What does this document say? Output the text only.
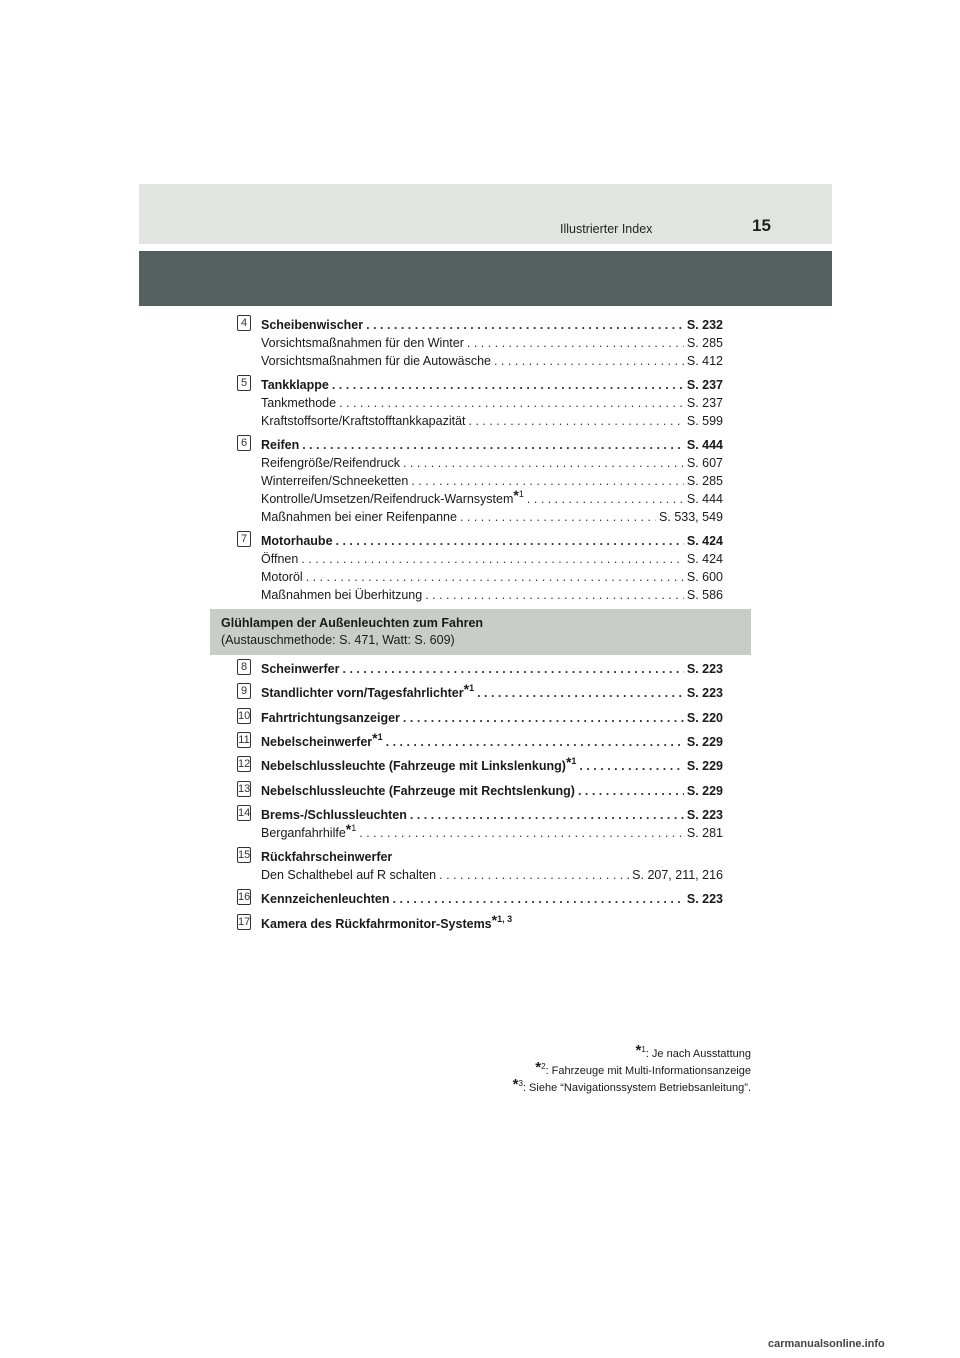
Illustrierter Index	15
4	Scheibenwischer . . .	S. 232
Vorsichtsmaßnahmen für den Winter . . .	S. 285
Vorsichtsmaßnahmen für die Autowäsche . . .	S. 412
5	Tankklappe . . .	S. 237
Tankmethode . . .	S. 237
Kraftstoffsorte/Kraftstofftankkapazität . . .	S. 599
6	Reifen . . .	S. 444
Reifengröße/Reifendruck . . .	S. 607
Winterreifen/Schneeketten . . .	S. 285
Kontrolle/Umsetzen/Reifendruck-Warnsystem$^{*^1}$ . . .	S. 444
Maßnahmen bei einer Reifenpanne . . .	S. 533, 549
7	Motorhaube . . .	S. 424
Öffnen . . .	S. 424
Motoröl . . .	S. 600
Maßnahmen bei Überhitzung . . .	S. 586
Glühlampen der Außenleuchten zum Fahren
(Austauschmethode: S. 471, Watt: S. 609)
8	Scheinwerfer . . .	S. 223
9	Standlichter vorn/Tagesfahrlichter$^{*^1}$ . . .	S. 223
10 Fahrtrichtungsanzeiger . . .	S. 220
11 Nebelscheinwerfer$^{*^1}$ . . .	S. 229
12 Nebelschlussleuchte (Fahrzeuge mit Linkslenkung)$^{*^1}$ . . .	S. 229
13 Nebelschlussleuchte (Fahrzeuge mit Rechtslenkung) . . .	S. 229
14 Brems-/Schlussleuchten . . .	S. 223
Berganfahrhilfe$^{*^1}$ . . .	S. 281
15 Rückfahrscheinwerfer
Den Schalthebel auf R schalten . . .	S. 207, 211, 216
16 Kennzeichenleuchten . . .	S. 223
17 Kamera des Rückfahrmonitor-Systems$^{*^{1, 3}}$
*$^1$: Je nach Ausstattung
*$^2$: Fahrzeuge mit Multi-Informationsanzeige
*$^3$: Siehe “Navigationssystem Betriebsanleitung”.
carmanualsonline.info
